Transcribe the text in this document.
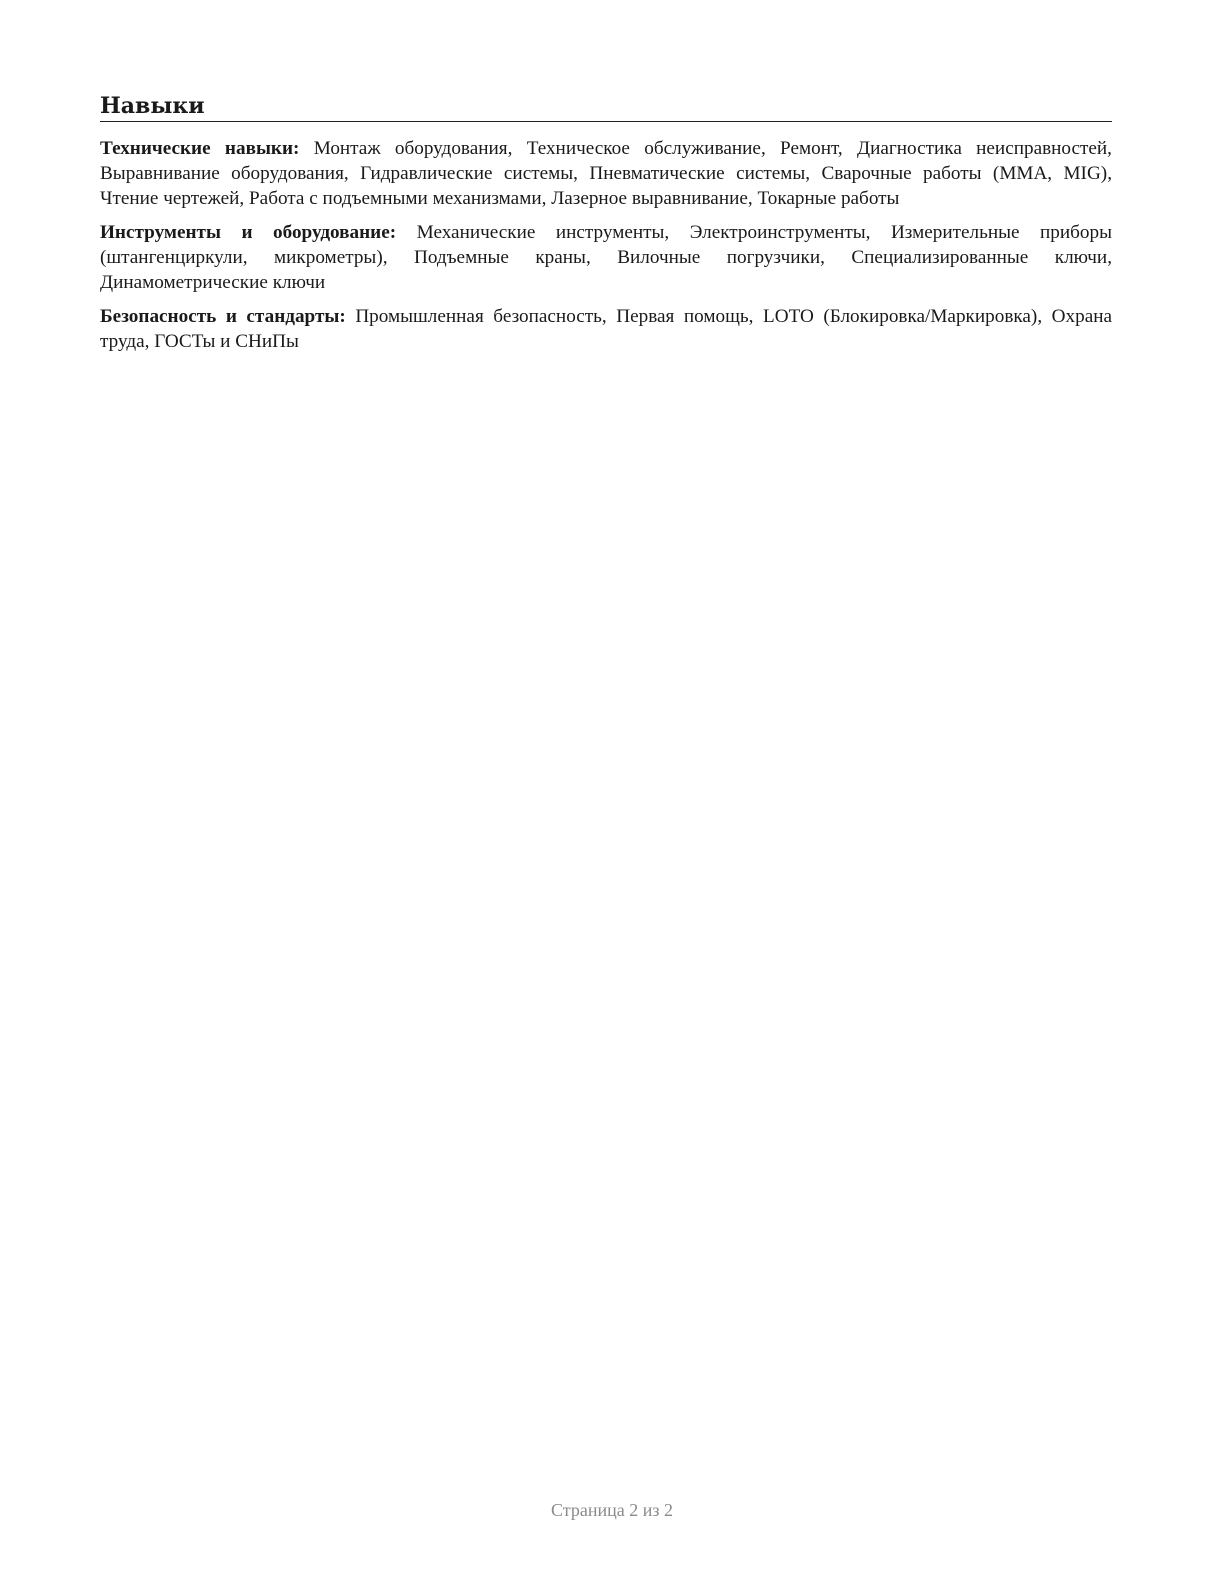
Навыки

Технические навыки: Монтаж оборудования, Техническое обслуживание, Ремонт, Диагностика неисправностей, Выравнивание оборудования, Гидравлические системы, Пневматические системы, Сварочные работы (MMA, MIG), Чтение чертежей, Работа с подъемными механизмами, Лазерное выравнивание, Токарные работы

Инструменты и оборудование: Механические инструменты, Электроинструменты, Измерительные приборы (штангенциркули, микрометры), Подъемные краны, Вилочные погрузчики, Специализированные ключи, Динамометрические ключи

Безопасность и стандарты: Промышленная безопасность, Первая помощь, LOTO (Блокировка/Маркировка), Охрана труда, ГОСТы и СНиПы

Страница 2 из 2
